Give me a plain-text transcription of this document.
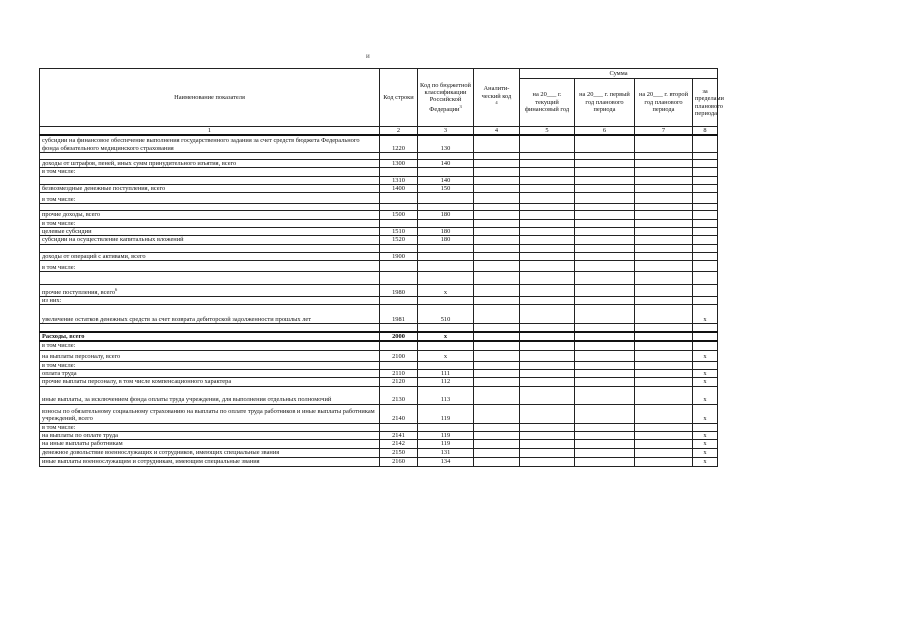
и
Наименование показателя	Код строки	Код по бюджетной классификации Российской Федерации$^3$	Аналити-ческий код
$^4$	Сумма			
				на 20___ г. текущий финансовый год	на 20___ г. первый год планового периода	на 20___ г. второй год планового периода	за пределами планового периода
1	2	3	4	5	6	7	8
субсидии на финансовое обеспечение выполнения государственного задания за счет средств бюджета Федерального фонда обязательного медицинского страхования	1220	130					

доходы от штрафов, пеней, иных сумм принудительного изъятия, всего	1300	140					
в том числе:							
	1310	140					
безвозмездные денежные поступления, всего	1400	150					
в том числе:							

прочие доходы, всего	1500	180					
в том числе:							
целевые субсидии	1510	180					
субсидии на осуществление капитальных вложений	1520	180					

доходы от операций с активами, всего	1900						
в том числе:							

прочие поступления, всего$^6$	1980	x					
из них:							
увеличение остатков денежных средств за счет возврата дебиторской задолженности прошлых лет	1981	510					x

Расходы, всего	2000	x					
в том числе:							
на выплаты персоналу, всего	2100	x					x
в том числе:							
оплата труда	2110	111					x
прочие выплаты персоналу, в том числе компенсационного характера	2120	112					x
иные выплаты, за исключением фонда оплаты труда учреждения, для выполнения отдельных полномочий	2130	113					x
взносы по обязательному социальному страхованию на выплаты по оплате труда работников и иные выплаты работникам учреждений, всего	2140	119					x
в том числе:							
на выплаты по оплате труда	2141	119					x
на иные выплаты работникам	2142	119					x
денежное довольствие военнослужащих и сотрудников, имеющих специальные звания	2150	131					x
иные выплаты военнослужащим и сотрудникам, имеющим специальные звания	2160	134					x
